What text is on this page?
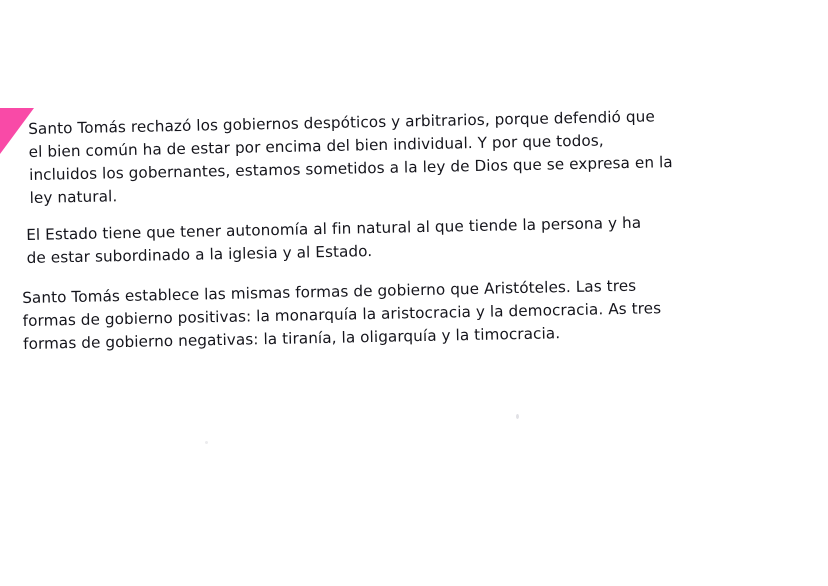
Santo Tomás rechazó los gobiernos despóticos y arbitrarios, porque defendió que el bien común ha de estar por encima del bien individual. Y por que todos, incluidos los gobernantes, estamos sometidos a la ley de Dios que se expresa en la ley natural.

El Estado tiene que tener autonomía al fin natural al que tiende la persona y ha de estar subordinado a la iglesia y al Estado.

Santo Tomás establece las mismas formas de gobierno que Aristóteles. Las tres formas de gobierno positivas: la monarquía la aristocracia y la democracia. As tres formas de gobierno negativas: la tiranía, la oligarquía y la timocracia.
